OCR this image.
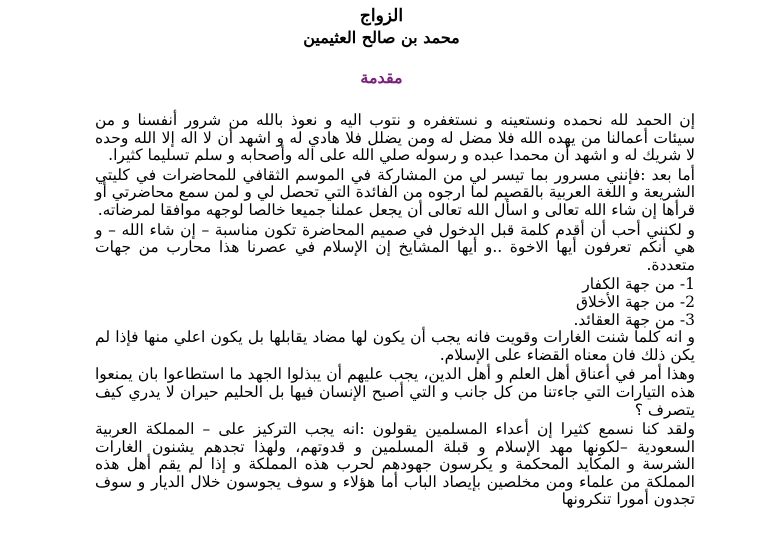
الزواج
محمد بن صالح العثيمين
مقدمة

إن الحمد لله نحمده ونستعينه و نستغفره و نتوب اليه و نعوذ بالله من شرور أنفسنا و من سيئات أعمالنا من يهده الله فلا مضل له ومن يضلل فلا هادي له و اشهد أن لا اله إلا الله وحده لا شريك له و اشهد أن محمدا عبده و رسوله صلي الله على اله وأصحابه و سلم تسليما كثيرا.

أما بعد :فإنني مسرور بما تيسر لي من المشاركة في الموسم الثقافي للمحاضرات في كليتي الشريعة و اللغة العربية بالقصيم لما ارجوه من الفائدة التي تحصل لي و لمن سمع محاضرتي أو قرأها إن شاء الله تعالى و اسأل الله تعالى أن يجعل عملنا جميعا خالصا لوجهه موافقا لمرضاته.

و لكنني أحب أن أقدم كلمة قبل الدخول في صميم المحاضرة تكون مناسبة – إن شاء الله – و هي أنكم تعرفون أيها الاخوة ..و أيها المشايخ إن الإسلام في عصرنا هذا محارب من جهات متعددة.

1- من جهة الكفار
2- من جهة الأخلاق
3- من جهة العقائد.

و انه كلما شنت الغارات وقويت فانه يجب أن يكون لها مضاد يقابلها بل يكون اعلي منها فإذا لم يكن ذلك فان معناه القضاء على الإسلام.

وهذا أمر في أعناق أهل العلم و أهل الدين، يجب عليهم أن يبذلوا الجهد ما استطاعوا بان يمنعوا هذه التيارات التي جاءتنا من كل جانب و التي أصبح الإنسان فيها بل الحليم حيران لا يدري كيف يتصرف ؟

ولقد كنا نسمع كثيرا إن أعداء المسلمين يقولون :انه يجب التركيز على – المملكة العربية السعودية –لكونها مهد الإسلام و قبلة المسلمين و قدوتهم، ولهذا تجدهم يشنون الغارات الشرسة و المكايد المحكمة و يكرسون جهودهم لحرب هذه المملكة و إذا لم يقم أهل هذه المملكة من علماء ومن مخلصين بإيصاد الباب أما هؤلاء و سوف يجوسون خلال الديار و سوف تجدون أمورا تنكرونها
